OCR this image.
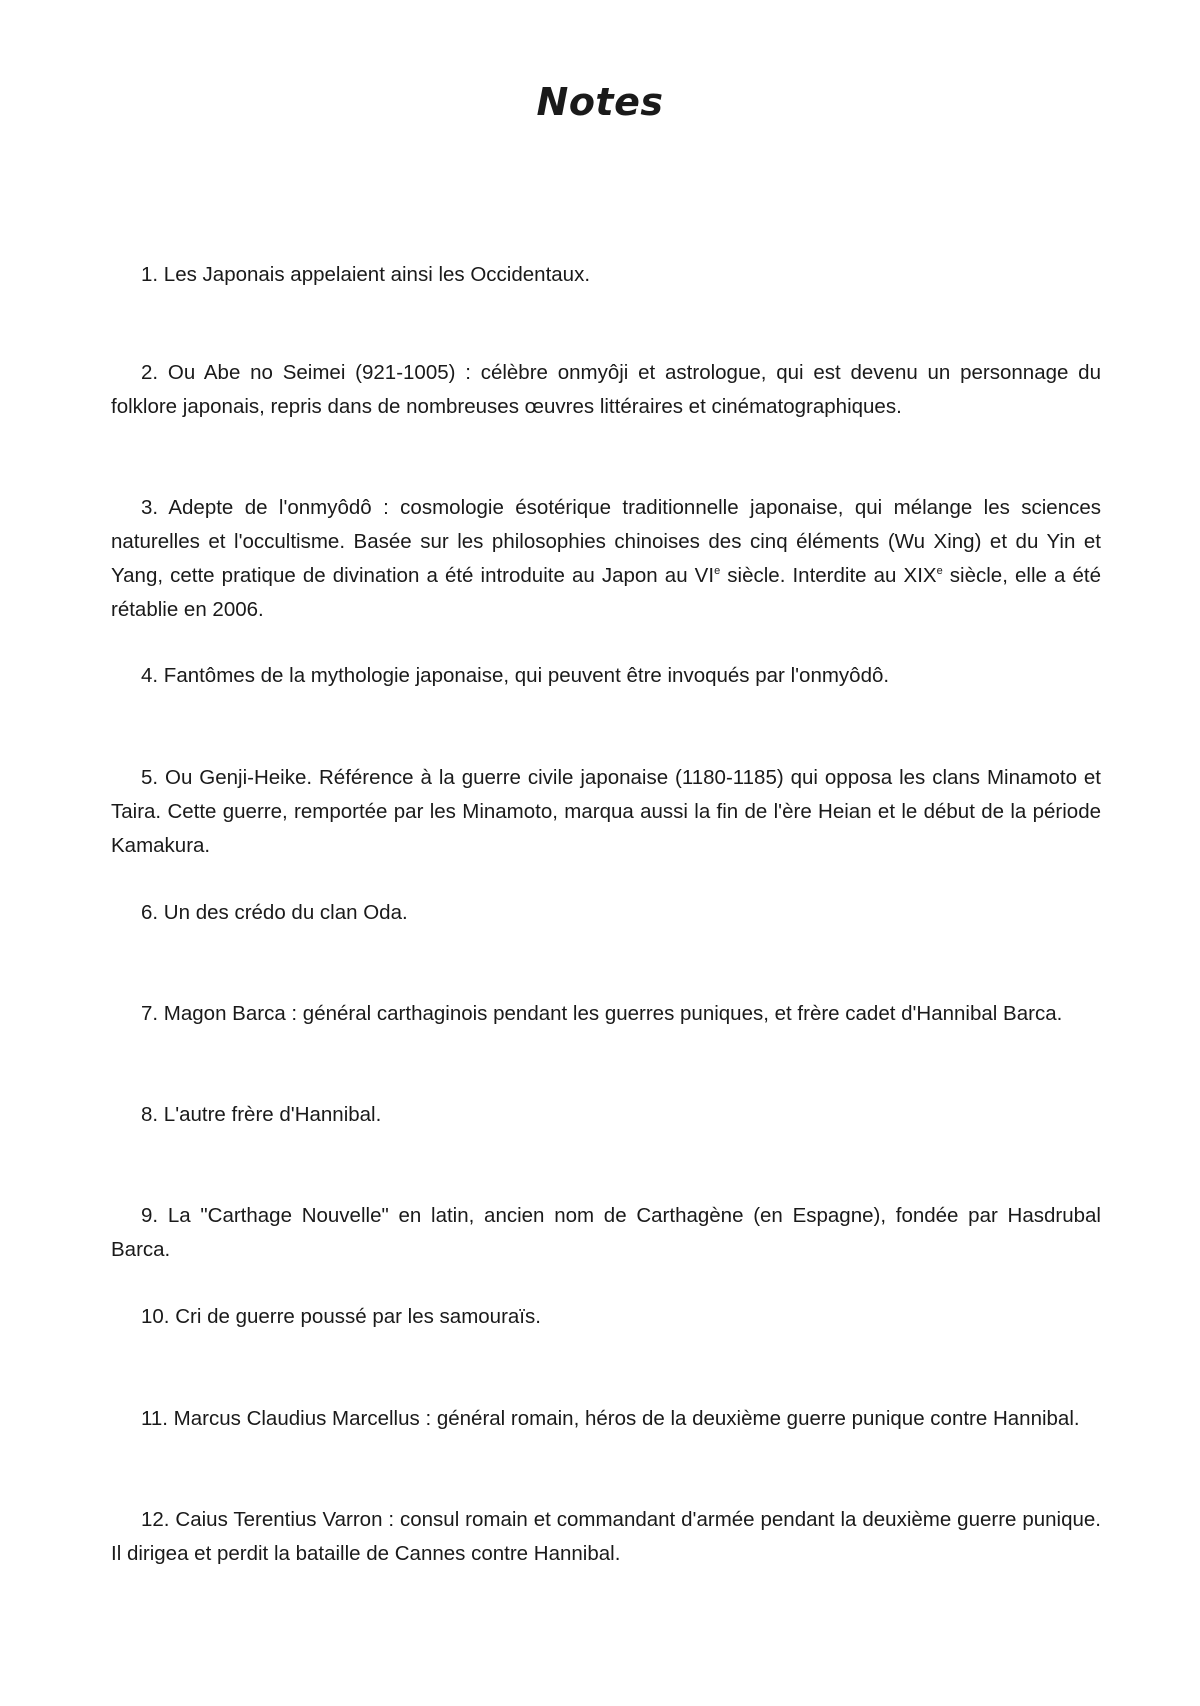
Notes

1. Les Japonais appelaient ainsi les Occidentaux.

2. Ou Abe no Seimei (921-1005) : célèbre onmyôji et astrologue, qui est devenu un personnage du folklore japonais, repris dans de nombreuses œuvres littéraires et cinématographiques.

3. Adepte de l'onmyôdô : cosmologie ésotérique traditionnelle japonaise, qui mélange les sciences naturelles et l'occultisme. Basée sur les philosophies chinoises des cinq éléments (Wu Xing) et du Yin et Yang, cette pratique de divination a été introduite au Japon au VIe siècle. Interdite au XIXe siècle, elle a été rétablie en 2006.

4. Fantômes de la mythologie japonaise, qui peuvent être invoqués par l'onmyôdô.

5. Ou Genji-Heike. Référence à la guerre civile japonaise (1180-1185) qui opposa les clans Minamoto et Taira. Cette guerre, remportée par les Minamoto, marqua aussi la fin de l'ère Heian et le début de la période Kamakura.

6. Un des crédo du clan Oda.

7. Magon Barca : général carthaginois pendant les guerres puniques, et frère cadet d'Hannibal Barca.

8. L'autre frère d'Hannibal.

9. La "Carthage Nouvelle" en latin, ancien nom de Carthagène (en Espagne), fondée par Hasdrubal Barca.

10. Cri de guerre poussé par les samouraïs.

11. Marcus Claudius Marcellus : général romain, héros de la deuxième guerre punique contre Hannibal.

12. Caius Terentius Varron : consul romain et commandant d'armée pendant la deuxième guerre punique. Il dirigea et perdit la bataille de Cannes contre Hannibal.
